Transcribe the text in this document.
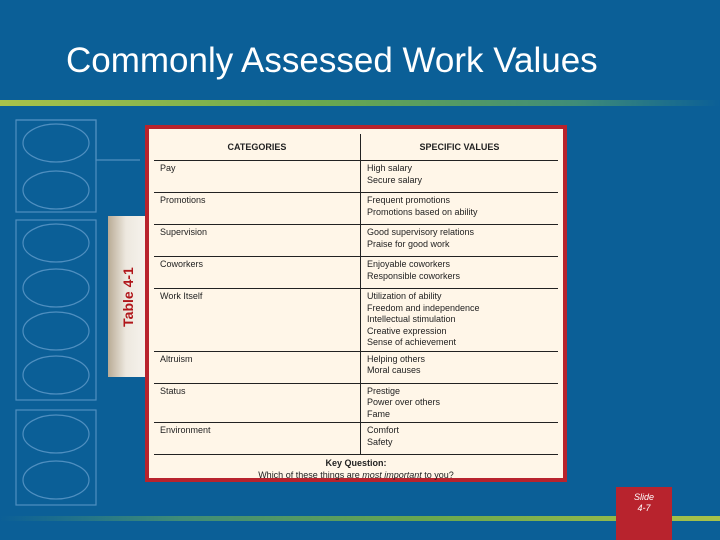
Commonly Assessed Work Values
Table 4-1
CATEGORIES	SPECIFIC VALUES
Pay	High salary
Secure salary

Promotions	Frequent promotions
Promotions based on ability

Supervision	Good supervisory relations
Praise for good work

Coworkers	Enjoyable coworkers
Responsible coworkers

Work Itself	Utilization of ability
Freedom and independence
Intellectual stimulation
Creative expression
Sense of achievement

Altruism	Helping others
Moral causes

Status	Prestige
Power over others
Fame

Environment	Comfort
Safety

Key Question:
Which of these things are most important to you?	
Slide
4-7
